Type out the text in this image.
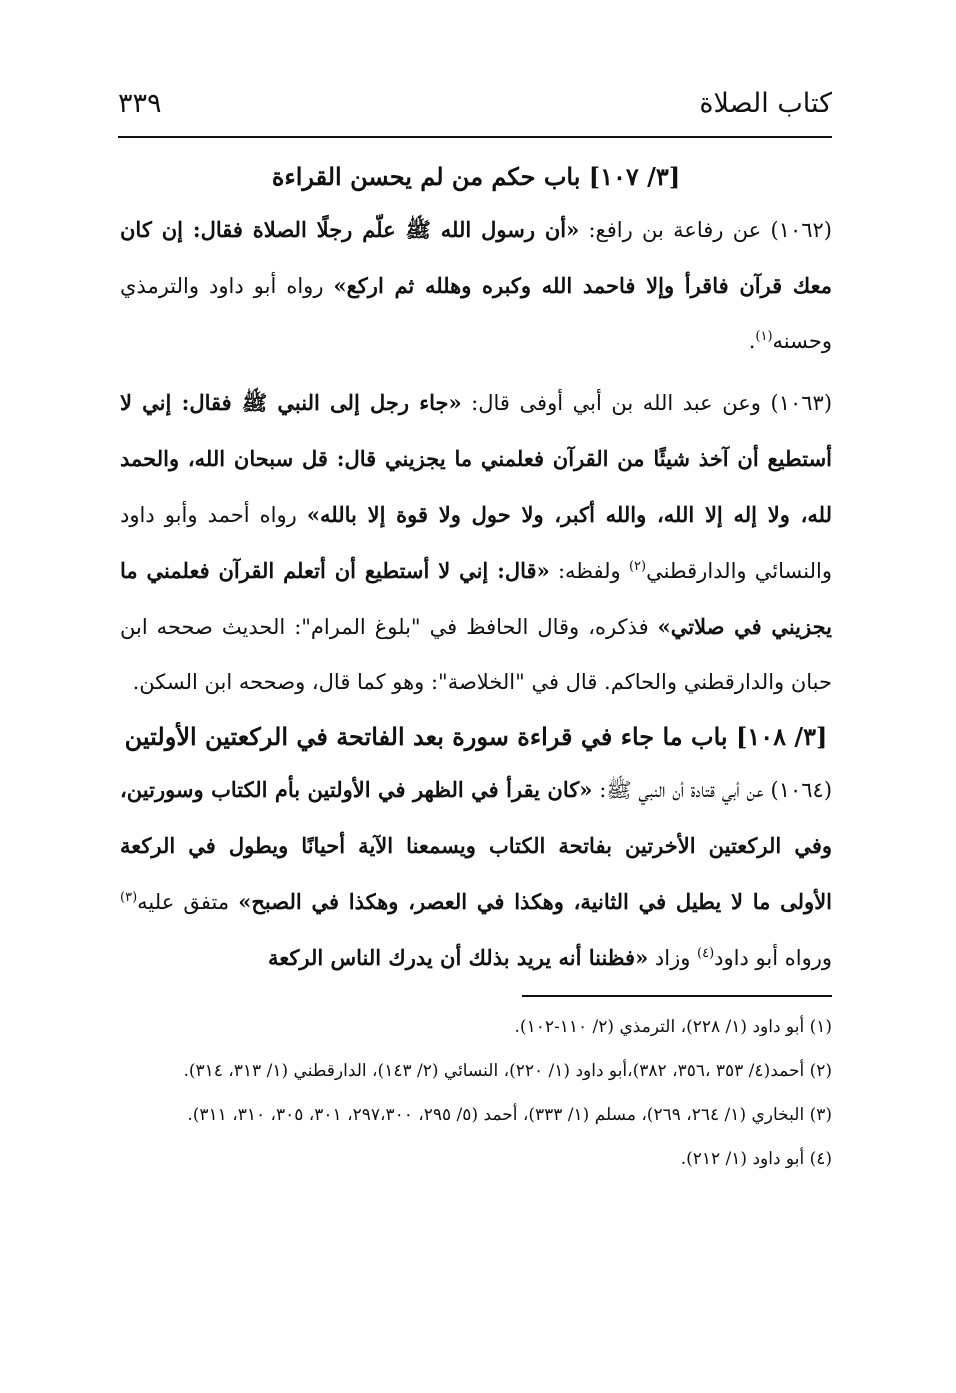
كتاب الصلاة
٣٣٩
[٣/ ١٠٧] باب حكم من لم يحسن القراءة

(١٠٦٢) عن رفاعة بن رافع: «أن رسول الله ﷺ علّم رجلًا الصلاة فقال: إن كان معك قرآن فاقرأ وإلا فاحمد الله وكبره وهلله ثم اركع» رواه أبو داود والترمذي وحسنه$^{(١)}$.

(١٠٦٣) وعن عبد الله بن أبي أوفى قال: «جاء رجل إلى النبي ﷺ فقال: إني لا أستطيع أن آخذ شيئًا من القرآن فعلمني ما يجزيني قال: قل سبحان الله، والحمد لله، ولا إله إلا الله، والله أكبر، ولا حول ولا قوة إلا بالله» رواه أحمد وأبو داود والنسائي والدارقطني$^{(٢)}$ ولفظه: «قال: إني لا أستطيع أن أتعلم القرآن فعلمني ما يجزيني في صلاتي» فذكره، وقال الحافظ في "بلوغ المرام": الحديث صححه ابن حبان والدارقطني والحاكم. قال في "الخلاصة": وهو كما قال، وصححه ابن السكن.

[٣/ ١٠٨] باب ما جاء في قراءة سورة بعد الفاتحة في الركعتين الأولتين

(١٠٦٤) عن أبي قتادة أن النبي ﷺ: «كان يقرأ في الظهر في الأولتين بأم الكتاب وسورتين، وفي الركعتين الأخرتين بفاتحة الكتاب ويسمعنا الآية أحيانًا ويطول في الركعة الأولى ما لا يطيل في الثانية، وهكذا في العصر، وهكذا في الصبح» متفق عليه$^{(٣)}$ ورواه أبو داود$^{(٤)}$ وزاد «فظننا أنه يريد بذلك أن يدرك الناس الركعة

(١) أبو داود (١/ ٢٢٨)، الترمذي (٢/ ١١٠-١٠٢).

(٢) أحمد(٤/ ٣٥٣ ،٣٥٦، ٣٨٢)،أبو داود (١/ ٢٢٠)، النسائي (٢/ ١٤٣)، الدارقطني (١/ ٣١٣، ٣١٤).

(٣) البخاري (١/ ٢٦٤، ٢٦٩)، مسلم (١/ ٣٣٣)، أحمد (٥/ ٢٩٥، ٢٩٧،٣٠٠، ٣٠١، ٣٠٥، ٣١٠، ٣١١).

(٤) أبو داود (١/ ٢١٢).
